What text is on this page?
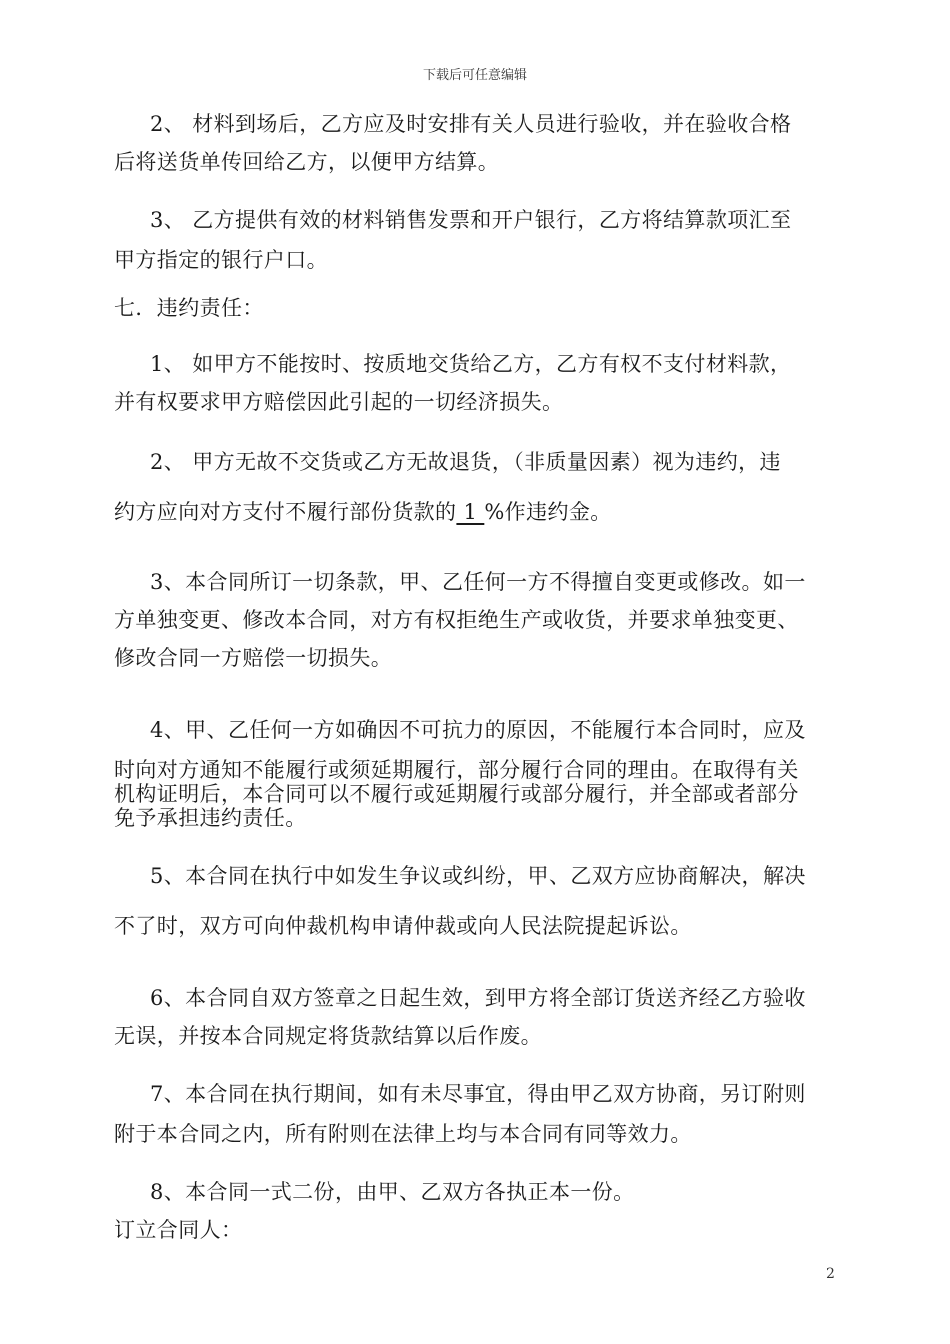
下载后可任意编辑
2、 材料到场后，乙方应及时安排有关人员进行验收，并在验收合格
后将送货单传回给乙方，以便甲方结算。
3、 乙方提供有效的材料销售发票和开户银行，乙方将结算款项汇至
甲方指定的银行户口。
七．违约责任：
1、 如甲方不能按时、按质地交货给乙方，乙方有权不支付材料款，
并有权要求甲方赔偿因此引起的一切经济损失。
2、 甲方无故不交货或乙方无故退货，（非质量因素）视为违约，违
约方应向对方支付不履行部份货款的 1 %作违约金。
3、本合同所订一切条款，甲、乙任何一方不得擅自变更或修改。如一
方单独变更、修改本合同，对方有权拒绝生产或收货，并要求单独变更、
修改合同一方赔偿一切损失。
4、甲、乙任何一方如确因不可抗力的原因，不能履行本合同时，应及
时向对方通知不能履行或须延期履行，部分履行合同的理由。在取得有关
机构证明后，本合同可以不履行或延期履行或部分履行，并全部或者部分
免予承担违约责任。
5、本合同在执行中如发生争议或纠纷，甲、乙双方应协商解决，解决
不了时，双方可向仲裁机构申请仲裁或向人民法院提起诉讼。
6、本合同自双方签章之日起生效，到甲方将全部订货送齐经乙方验收
无误，并按本合同规定将货款结算以后作废。
7、本合同在执行期间，如有未尽事宜，得由甲乙双方协商，另订附则
附于本合同之内，所有附则在法律上均与本合同有同等效力。
8、本合同一式二份，由甲、乙双方各执正本一份。
订立合同人：
2
